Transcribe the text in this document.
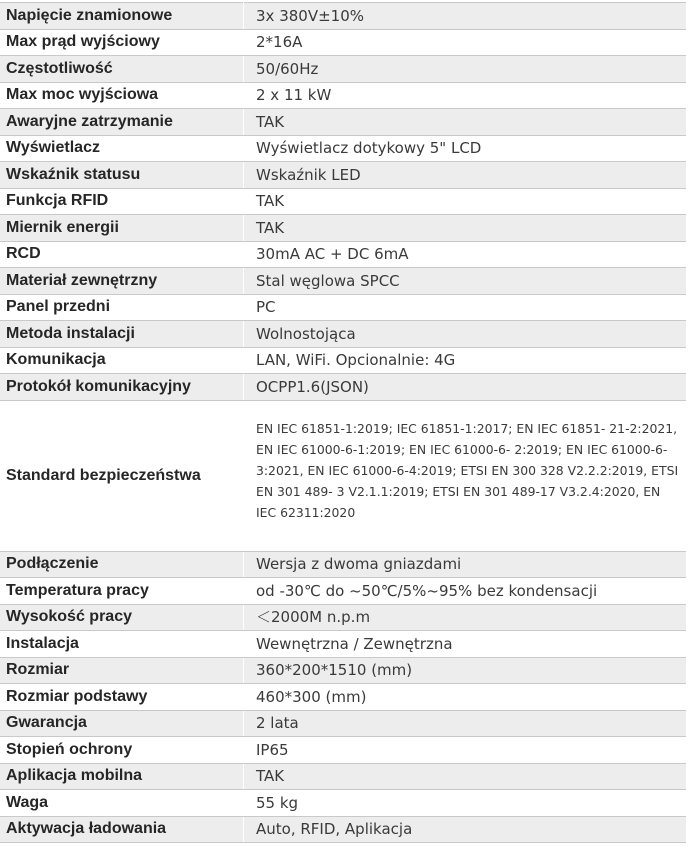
Napięcie znamionowe	3x 380V±10%
Max prąd wyjściowy	2*16A
Częstotliwość	50/60Hz
Max moc wyjściowa	2 x 11 kW
Awaryjne zatrzymanie	TAK
Wyświetlacz	Wyświetlacz dotykowy 5" LCD
Wskaźnik statusu	Wskaźnik LED
Funkcja RFID	TAK
Miernik energii	TAK
RCD	30mA AC + DC 6mA
Materiał zewnętrzny	Stal węglowa SPCC
Panel przedni	PC
Metoda instalacji	Wolnostojąca
Komunikacja	LAN, WiFi. Opcionalnie: 4G
Protokół komunikacyjny	OCPP1.6(JSON)
Standard bezpieczeństwa	EN IEC 61851-1:2019; IEC 61851-1:2017; EN IEC 61851- 21-2:2021, EN IEC 61000-6-1:2019; EN IEC 61000-6- 2:2019; EN IEC 61000-6-3:2021, EN IEC 61000-6-4:2019; ETSI EN 300 328 V2.2.2:2019, ETSI EN 301 489- 3 V2.1.1:2019; ETSI EN 301 489-17 V3.2.4:2020, EN IEC 62311:2020

Podłączenie	Wersja z dwoma gniazdami
Temperatura pracy	od -30℃ do ~50℃/5%~95% bez kondensacji
Wysokość pracy	＜2000M n.p.m
Instalacja	Wewnętrzna / Zewnętrzna
Rozmiar	360*200*1510 (mm)
Rozmiar podstawy	460*300 (mm)
Gwarancja	2 lata
Stopień ochrony	IP65
Aplikacja mobilna	TAK
Waga	55 kg
Aktywacja ładowania	Auto, RFID, Aplikacja
